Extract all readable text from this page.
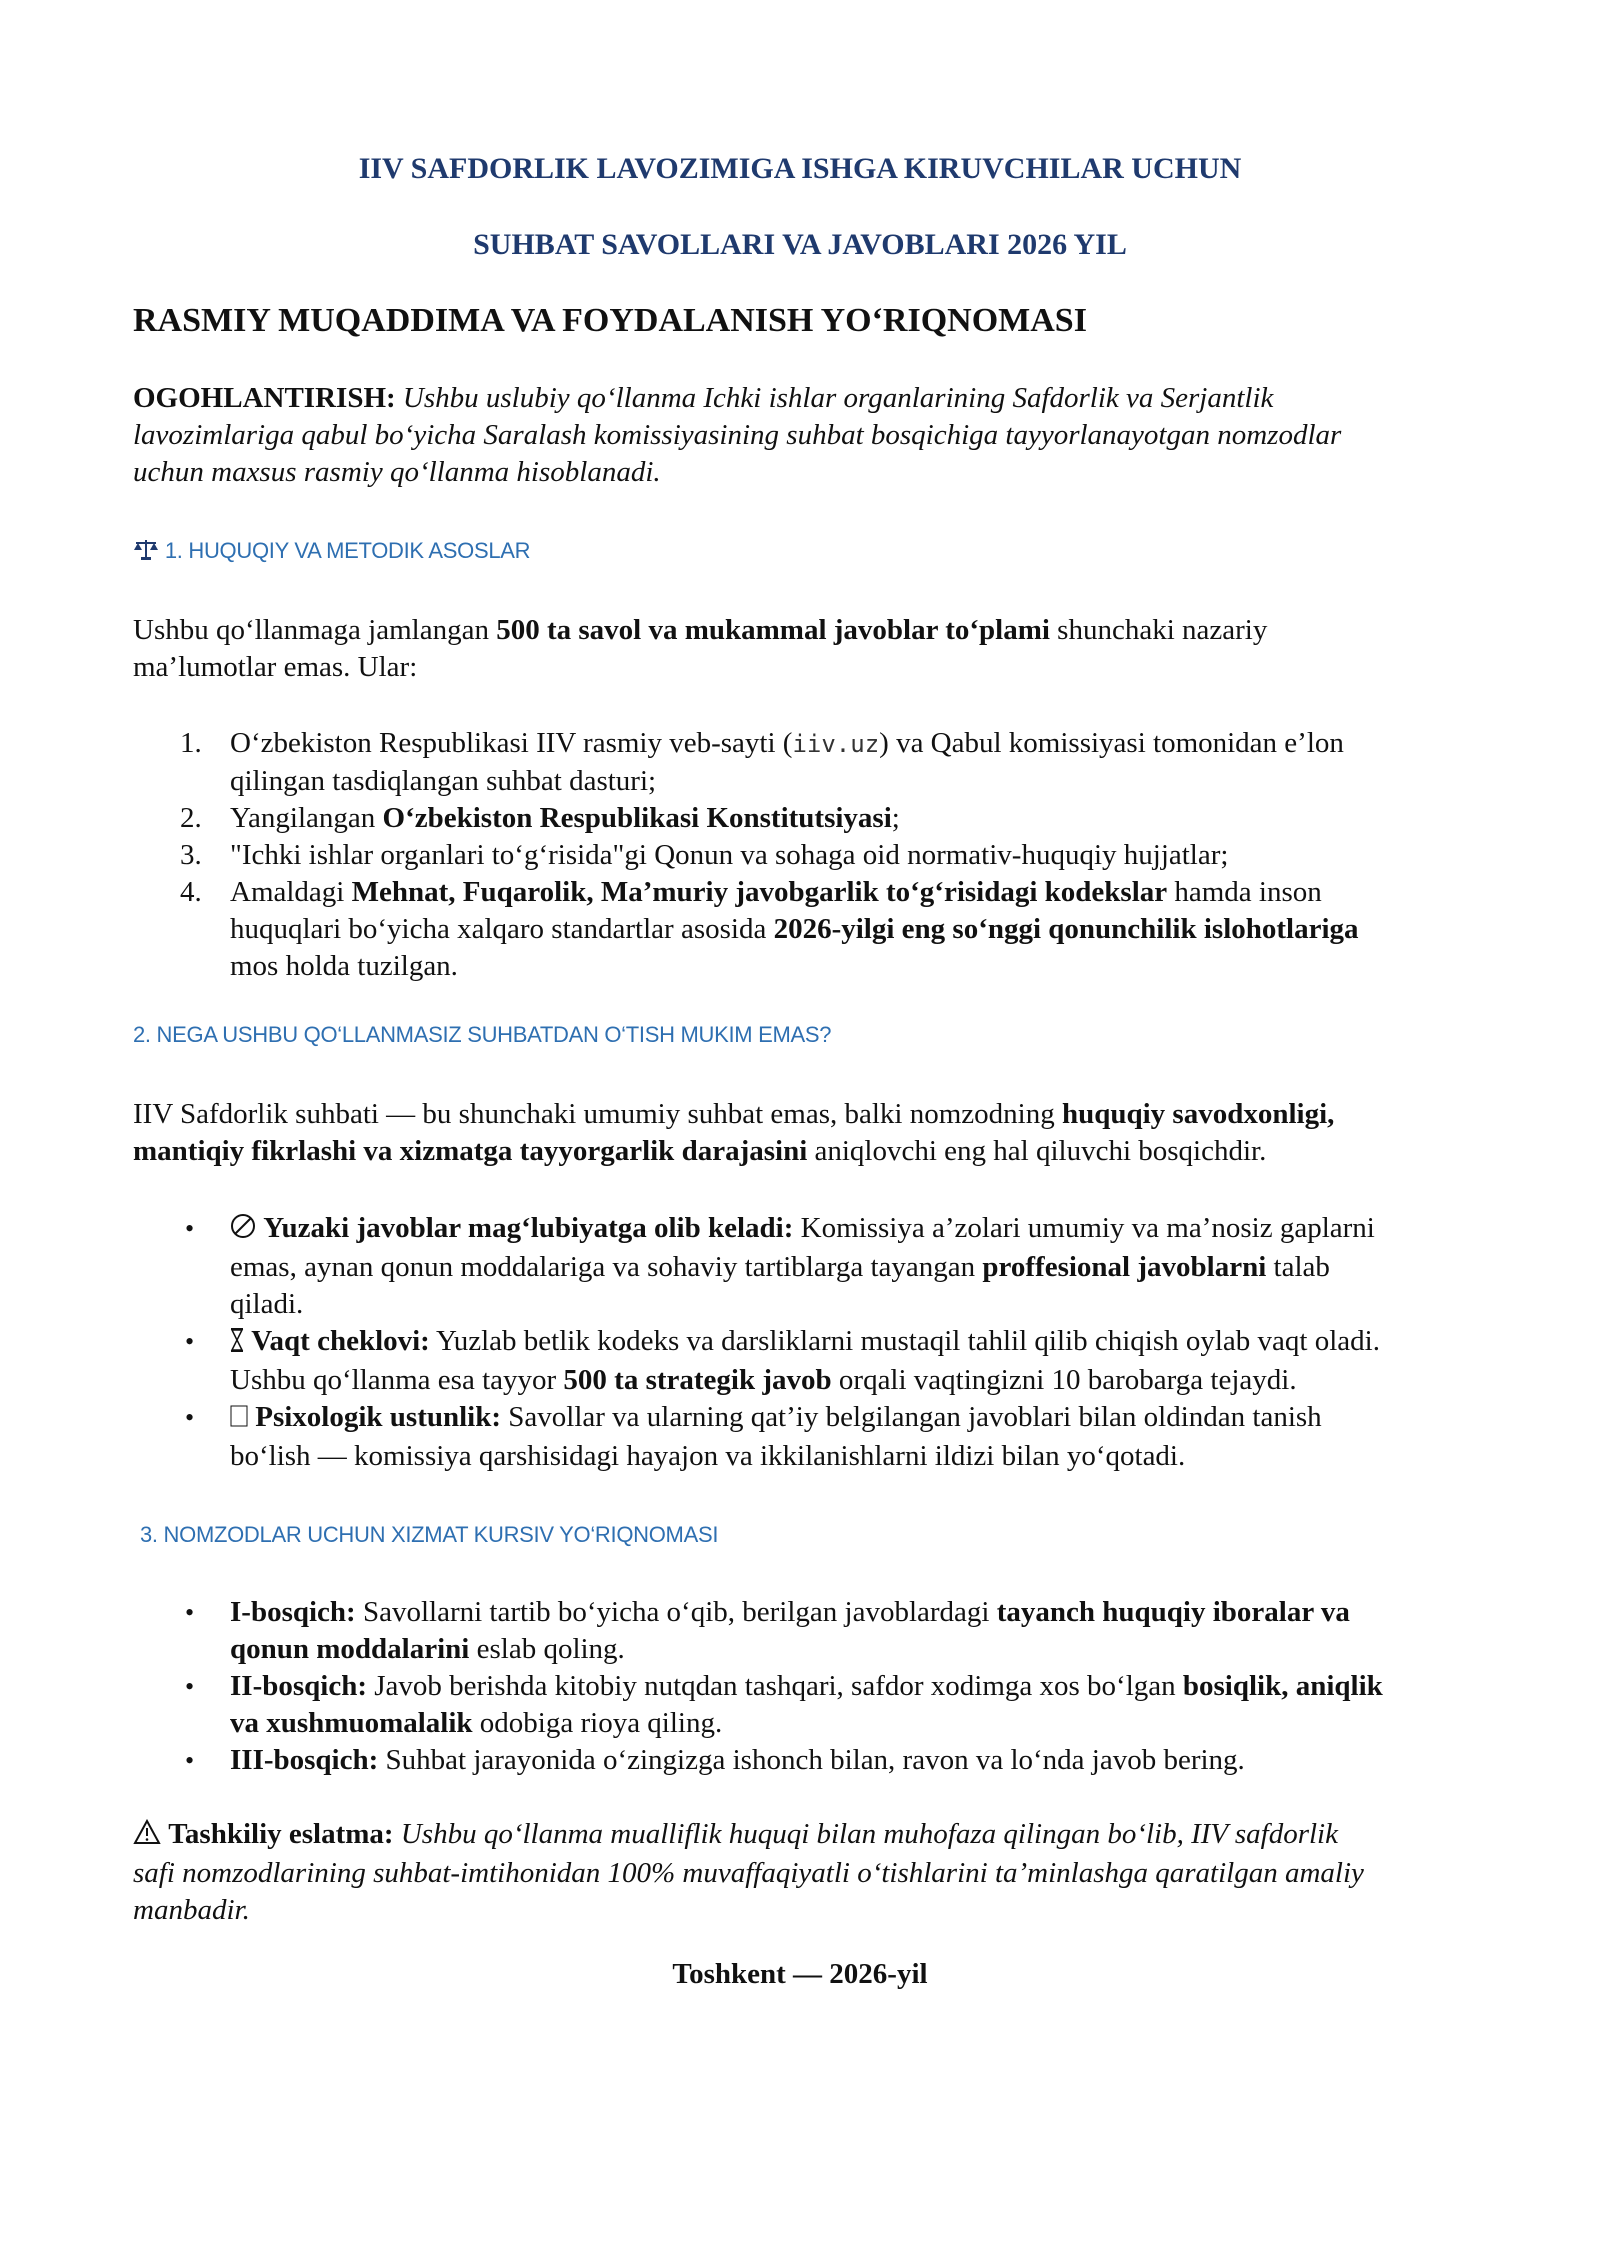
IIV SAFDORLIK LAVOZIMIGA ISHGA KIRUVCHILAR UCHUN

SUHBAT SAVOLLARI VA JAVOBLARI 2026 YIL

RASMIY MUQADDIMA VA FOYDALANISH YO‘RIQNOMASI

OGOHLANTIRISH: Ushbu uslubiy qo‘llanma Ichki ishlar organlarining Safdorlik va Serjantlik
lavozimlariga qabul bo‘yicha Saralash komissiyasining suhbat bosqichiga tayyorlanayotgan nomzodlar
uchun maxsus rasmiy qo‘llanma hisoblanadi.

1. HUQUQIY VA METODIK ASOSLAR

Ushbu qo‘llanmaga jamlangan 500 ta savol va mukammal javoblar to‘plami shunchaki nazariy
ma’lumotlar emas. Ular:
1. O‘zbekiston Respublikasi IIV rasmiy veb-sayti (iiv.uz) va Qabul komissiyasi tomonidan e’lon
qilingan tasdiqlangan suhbat dasturi;
2. Yangilangan O‘zbekiston Respublikasi Konstitutsiyasi;
3. "Ichki ishlar organlari to‘g‘risida"gi Qonun va sohaga oid normativ-huquqiy hujjatlar;
4. Amaldagi Mehnat, Fuqarolik, Ma’muriy javobgarlik to‘g‘risidagi kodekslar hamda inson
huquqlari bo‘yicha xalqaro standartlar asosida 2026-yilgi eng so‘nggi qonunchilik islohotlariga
mos holda tuzilgan.

2. NEGA USHBU QO‘LLANMASIZ SUHBATDAN O‘TISH MUKIM EMAS?

IIV Safdorlik suhbati — bu shunchaki umumiy suhbat emas, balki nomzodning huquqiy savodxonligi,
mantiqiy fikrlashi va xizmatga tayyorgarlik darajasini aniqlovchi eng hal qiluvchi bosqichdir.
•	Yuzaki javoblar mag‘lubiyatga olib keladi: Komissiya a’zolari umumiy va ma’nosiz gaplarni
emas, aynan qonun moddalariga va sohaviy tartiblarga tayangan proffesional javoblarni talab
qiladi.
•	Vaqt cheklovi: Yuzlab betlik kodeks va darsliklarni mustaqil tahlil qilib chiqish oylab vaqt oladi.
Ushbu qo‘llanma esa tayyor 500 ta strategik javob orqali vaqtingizni 10 barobarga tejaydi.
•	Psixologik ustunlik: Savollar va ularning qat’iy belgilangan javoblari bilan oldindan tanish
bo‘lish — komissiya qarshisidagi hayajon va ikkilanishlarni ildizi bilan yo‘qotadi.

3. NOMZODLAR UCHUN XIZMAT KURSIV YO‘RIQNOMASI

• I-bosqich: Savollarni tartib bo‘yicha o‘qib, berilgan javoblardagi tayanch huquqiy iboralar va
qonun moddalarini eslab qoling.
• II-bosqich: Javob berishda kitobiy nutqdan tashqari, safdor xodimga xos bo‘lgan bosiqlik, aniqlik
va xushmuomalalik odobiga rioya qiling.
• III-bosqich: Suhbat jarayonida o‘zingizga ishonch bilan, ravon va lo‘nda javob bering.
Tashkiliy eslatma: Ushbu qo‘llanma mualliflik huquqi bilan muhofaza qilingan bo‘lib, IIV safdorlik
safi nomzodlarining suhbat-imtihonidan 100% muvaffaqiyatli o‘tishlarini ta’minlashga qaratilgan amaliy
manbadir.

Toshkent — 2026-yil
